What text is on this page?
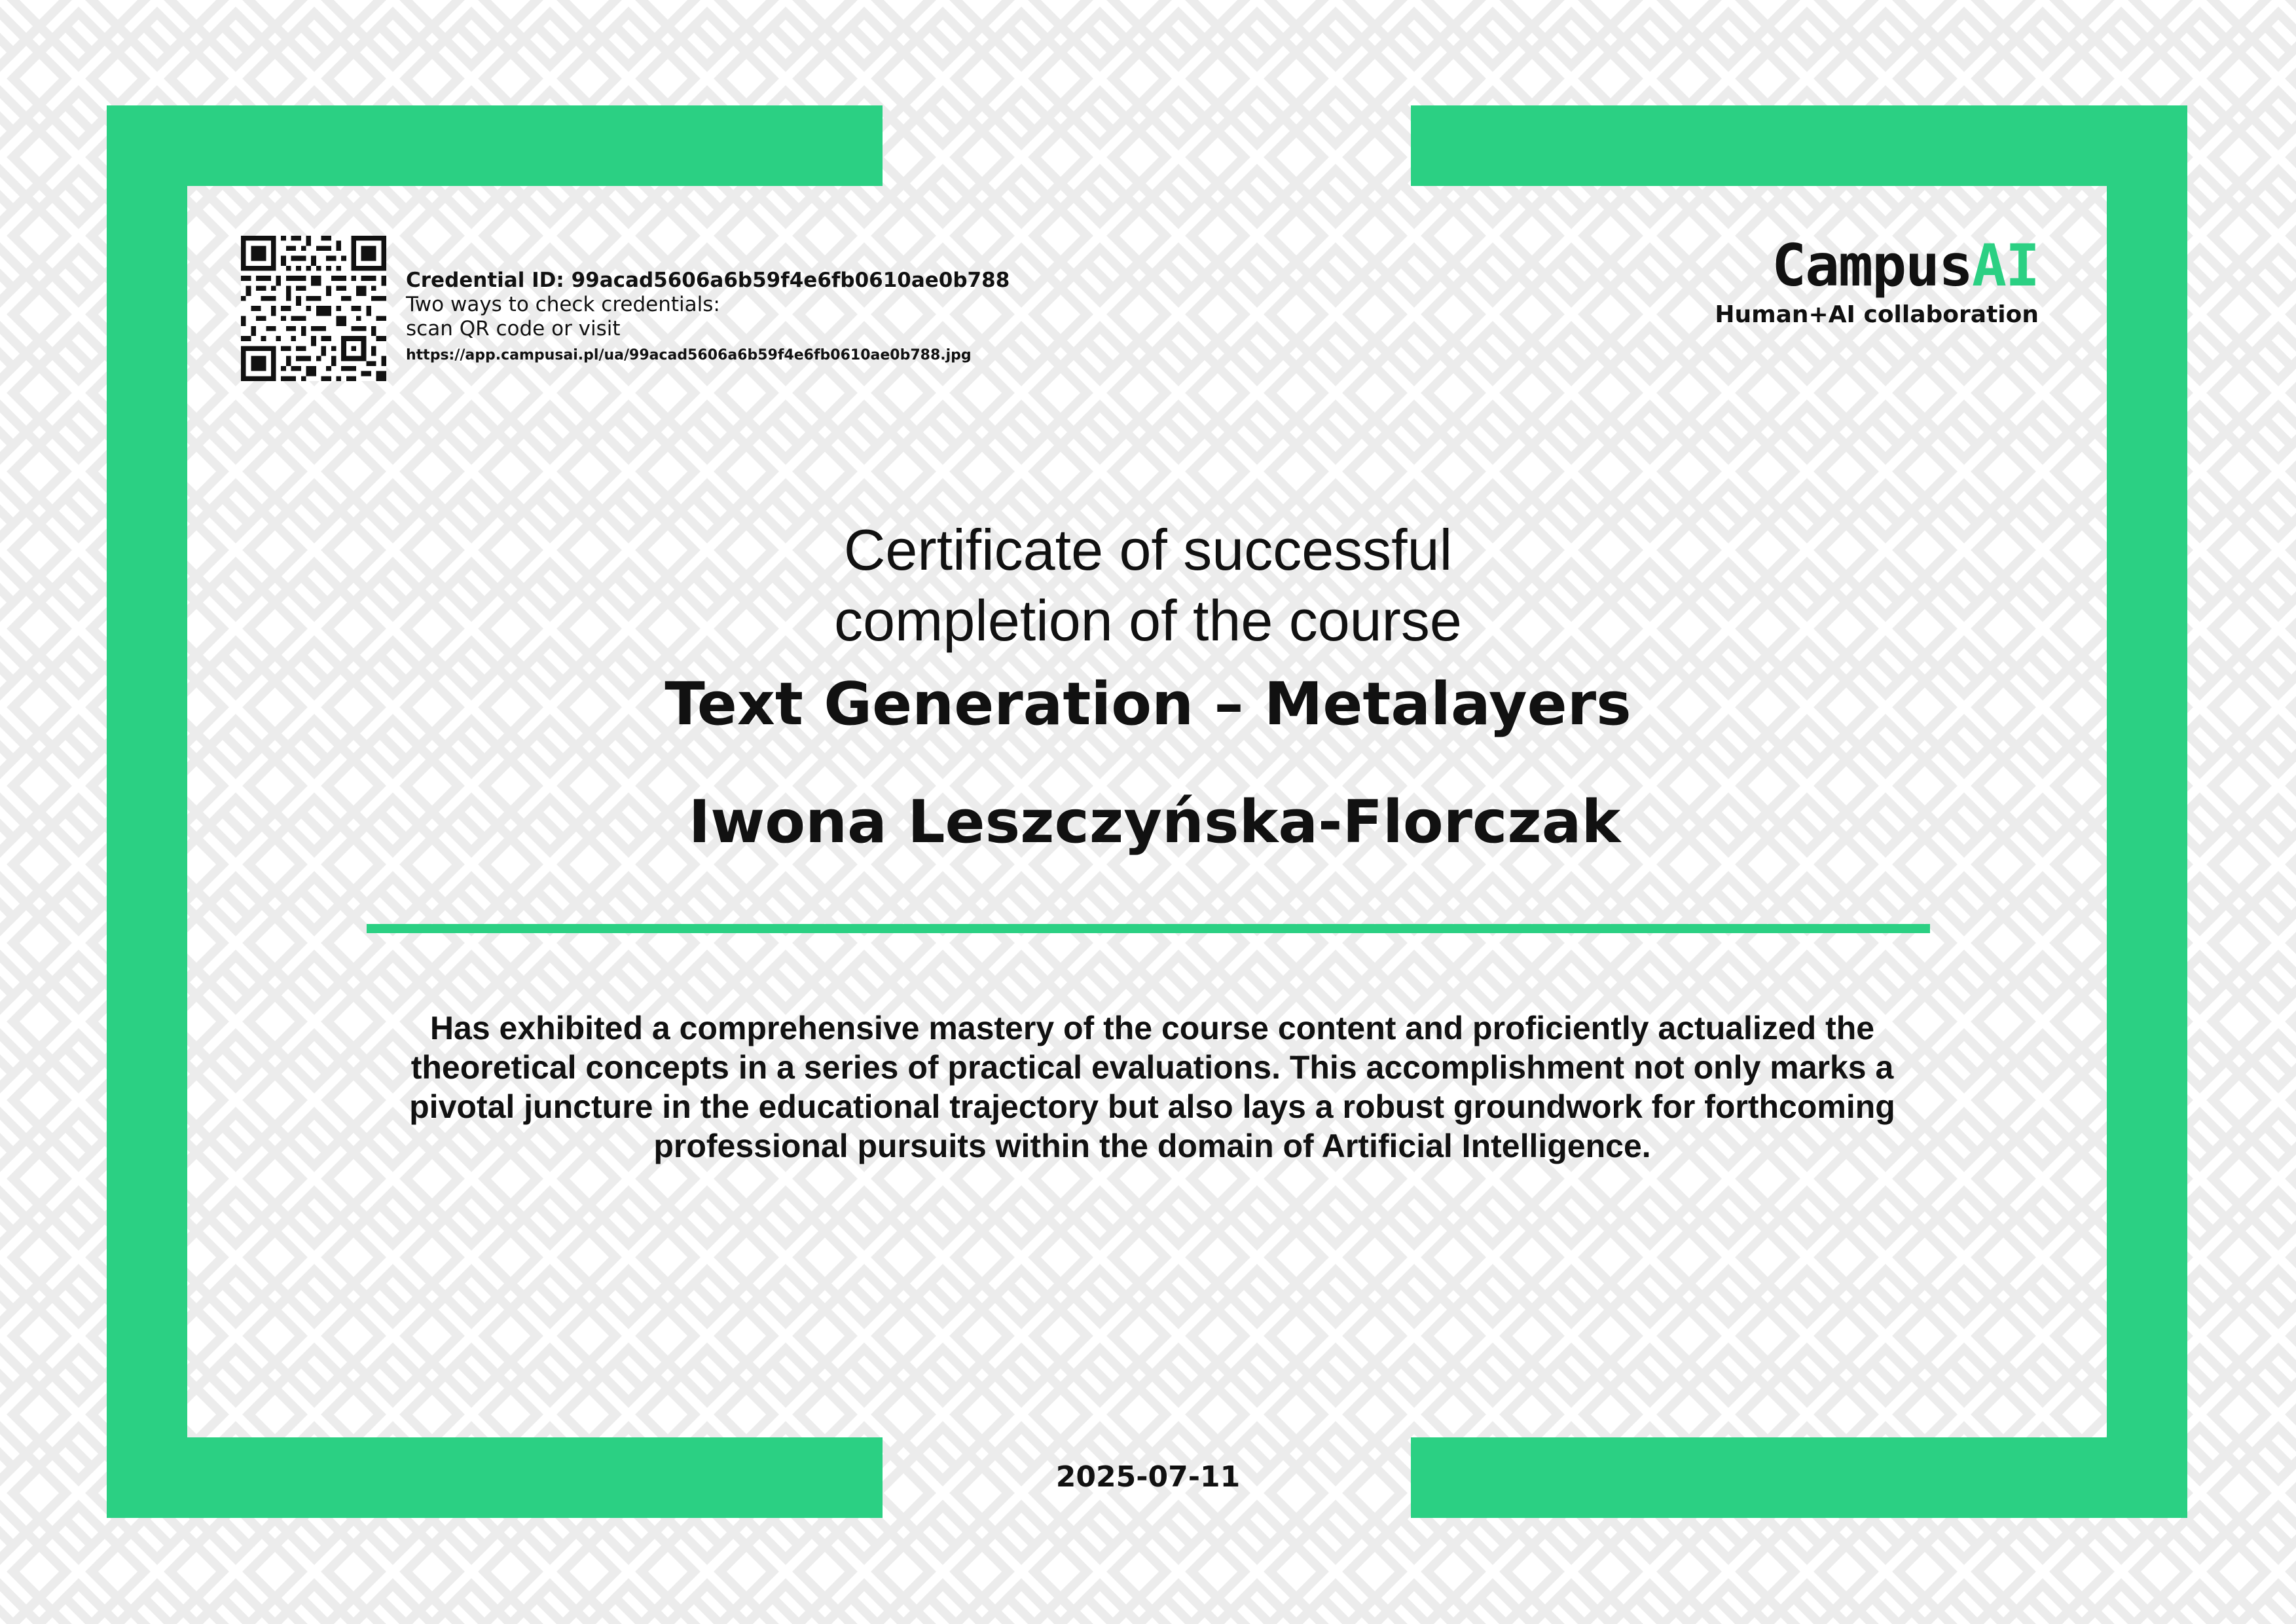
Credential ID: 99acad5606a6b59f4e6fb0610ae0b788
Two ways to check credentials:
scan QR code or visit
https://app.campusai.pl/ua/99acad5606a6b59f4e6fb0610ae0b788.jpg
CampusAI
Human+AI collaboration
Certificate of successful
completion of the course
Text Generation – Metalayers
Iwona Leszczyńska-Florczak
Has exhibited a comprehensive mastery of the course content and proficiently actualized the theoretical concepts in a series of practical evaluations. This accomplishment not only marks a pivotal juncture in the educational trajectory but also lays a robust groundwork for forthcoming professional pursuits within the domain of Artificial Intelligence.
2025-07-11
